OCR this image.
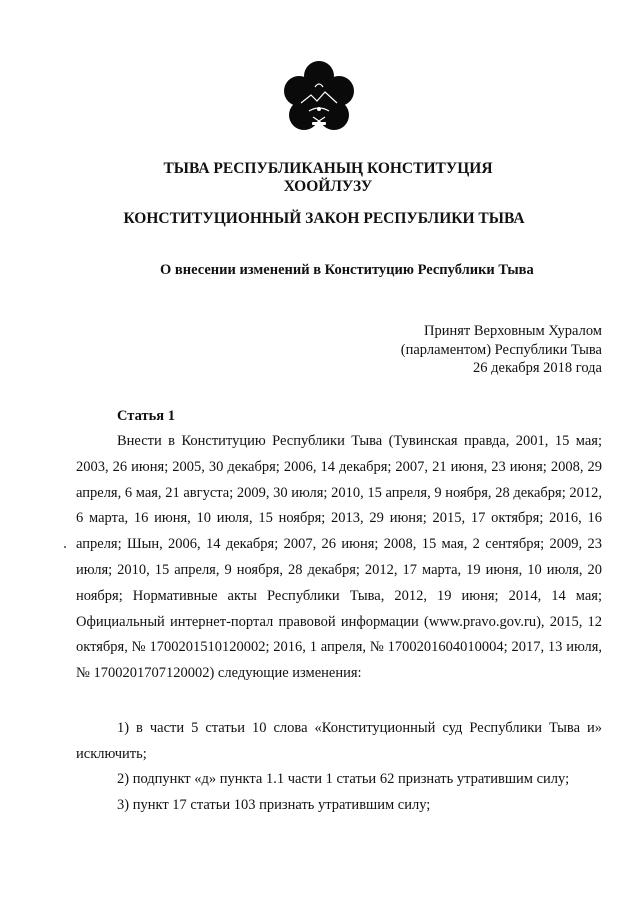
ТЫВА РЕСПУБЛИКАНЫҢ КОНСТИТУЦИЯ
ХООЙЛУЗУ
КОНСТИТУЦИОННЫЙ ЗАКОН РЕСПУБЛИКИ ТЫВА
О внесении изменений в Конституцию Республики Тыва
Принят Верховным Хуралом
(парламентом) Республики Тыва
26 декабря 2018 года
Статья 1

Внести в Конституцию Республики Тыва (Тувинская правда, 2001, 15 мая; 2003, 26 июня; 2005, 30 декабря; 2006, 14 декабря; 2007, 21 июня, 23 июня; 2008, 29 апреля, 6 мая, 21 августа; 2009, 30 июля; 2010, 15 апреля, 9 ноября, 28 декабря; 2012, 6 марта, 16 июня, 10 июля, 15 ноября; 2013, 29 июня; 2015, 17 октября; 2016, 16 апреля; Шын, 2006, 14 декабря; 2007, 26 июня; 2008, 15 мая, 2 сентября; 2009, 23 июля; 2010, 15 апреля, 9 ноября, 28 декабря; 2012, 17 марта, 19 июня, 10 июля, 20 ноября; Нормативные акты Республики Тыва, 2012, 19 июня; 2014, 14 мая; Официальный интернет-портал правовой информации (www.pravo.gov.ru), 2015, 12 октября, № 1700201510120002; 2016, 1 апреля, № 1700201604010004; 2017, 13 июля, № 1700201707120002) следующие изменения:

1) в части 5 статьи 10 слова «Конституционный суд Республики Тыва и» исключить;

2) подпункт «д» пункта 1.1 части 1 статьи 62 признать утратившим силу;

3) пункт 17 статьи 103 признать утратившим силу;
